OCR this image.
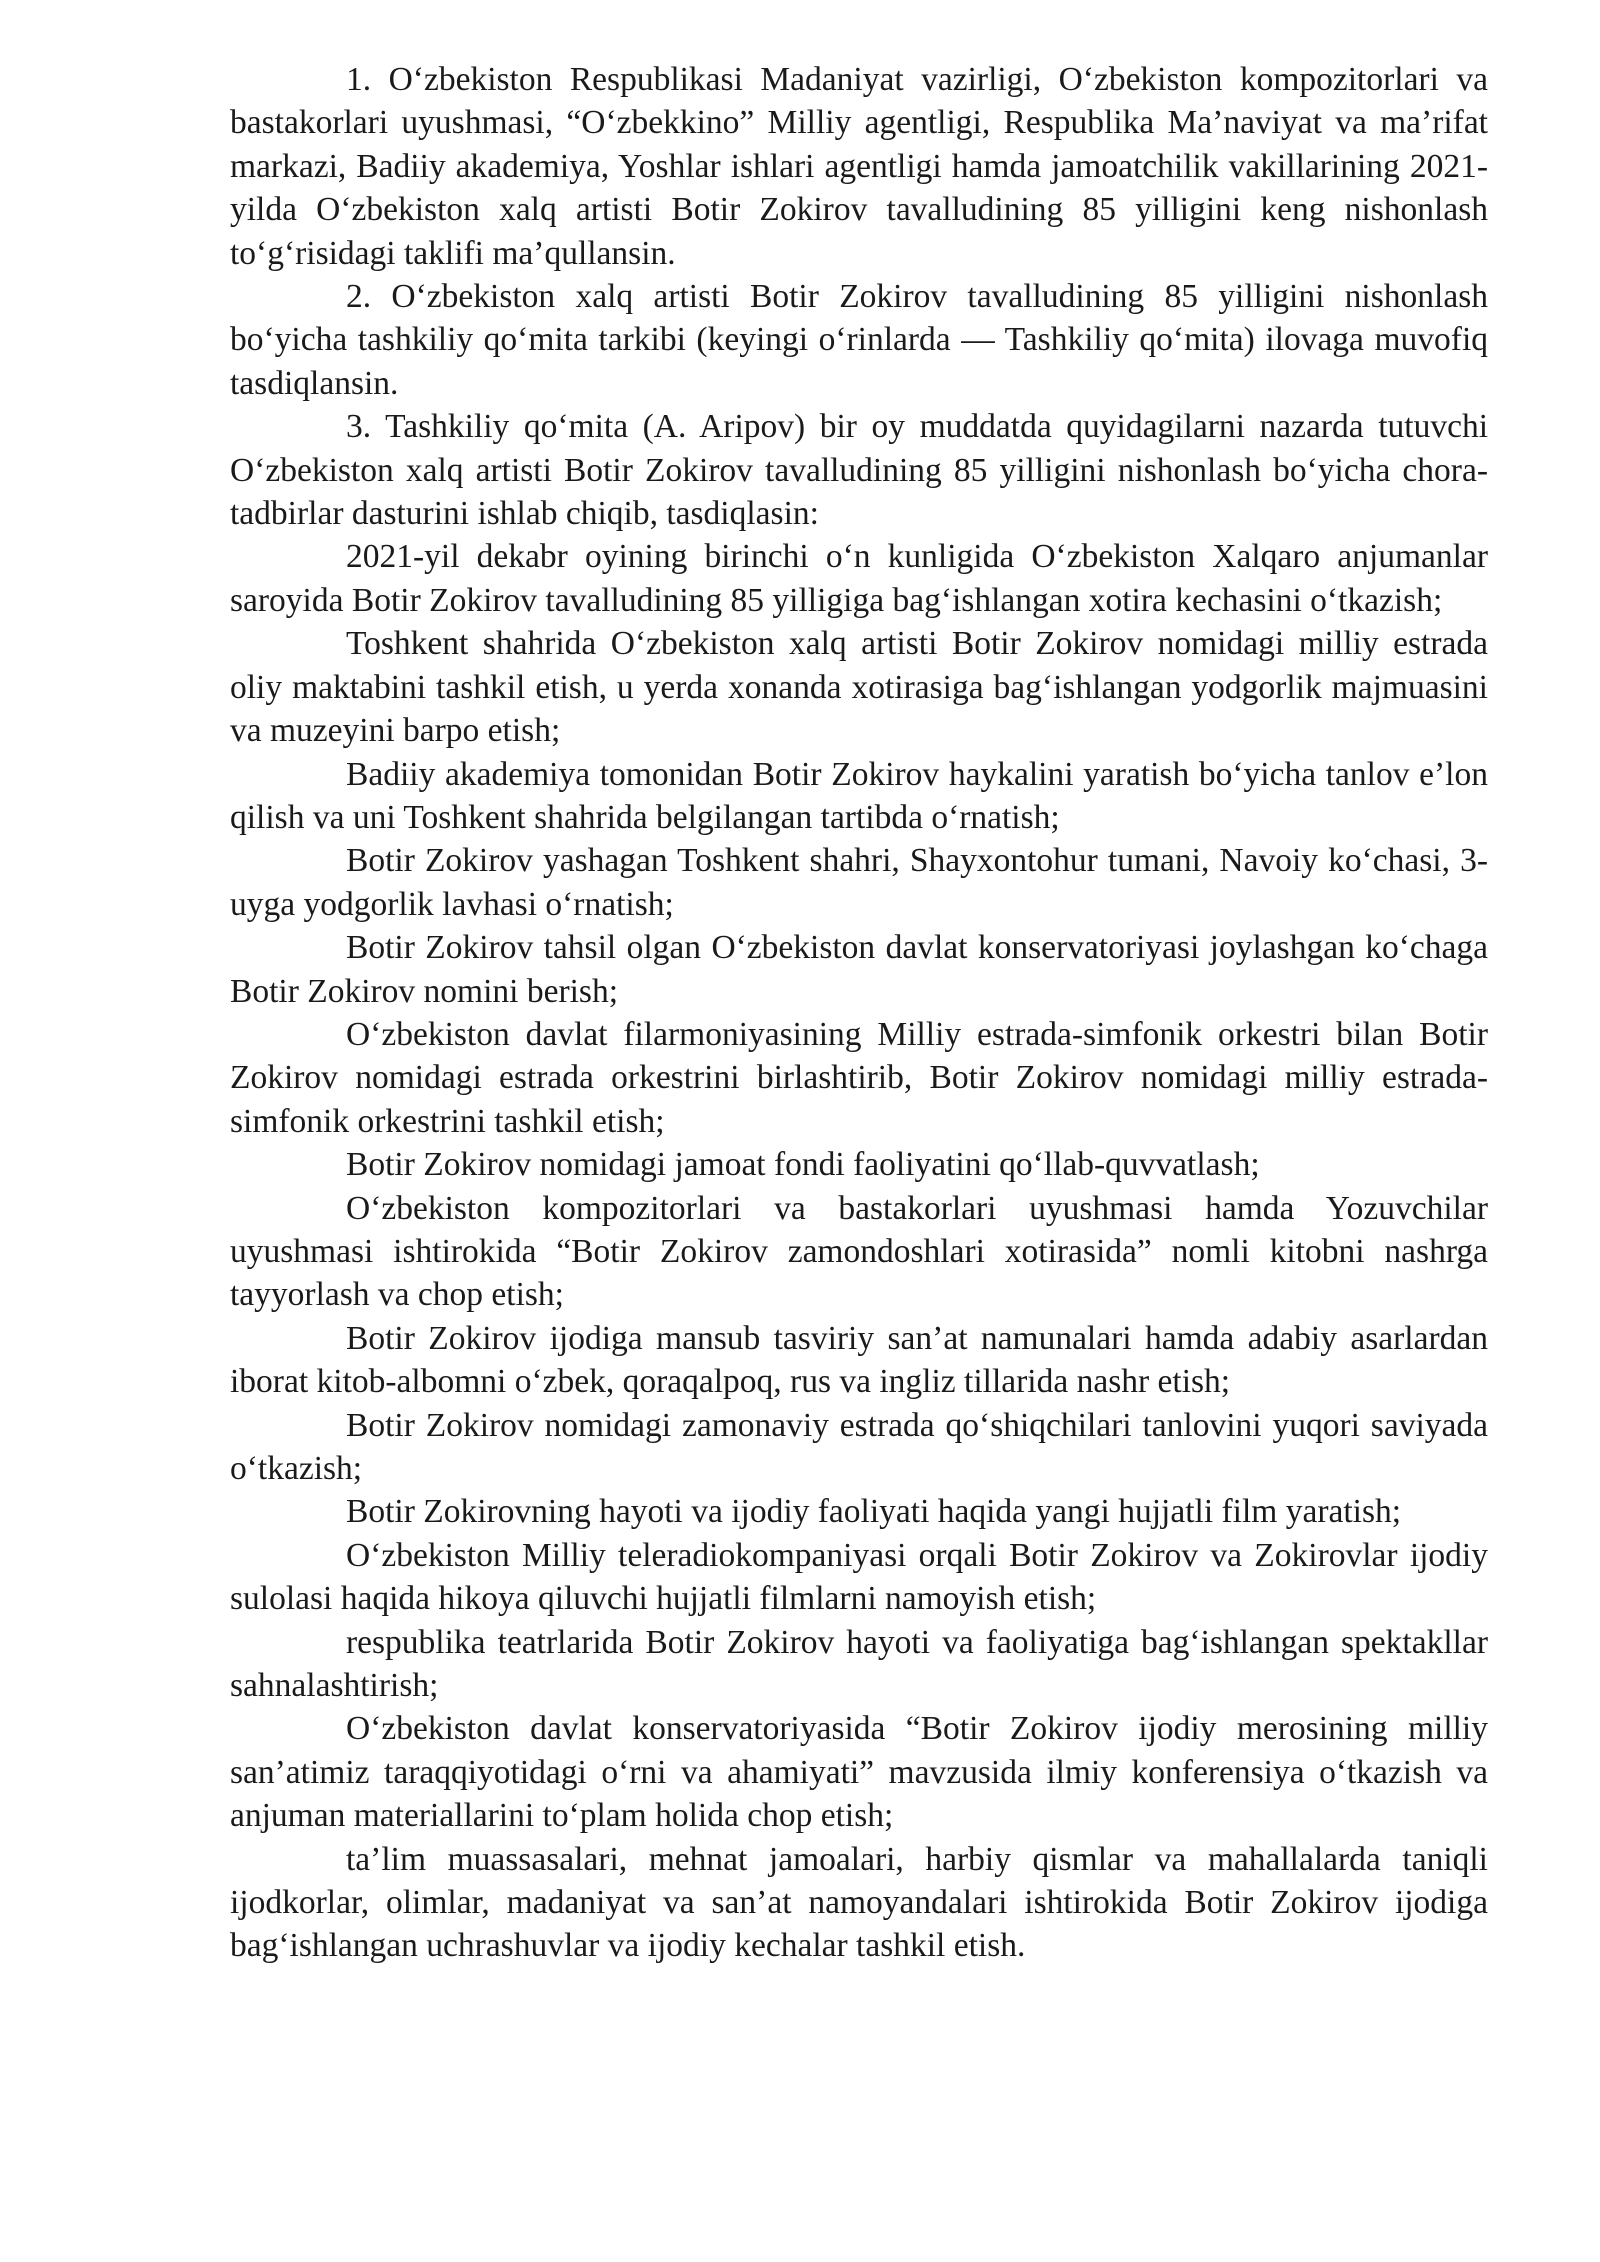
1. O‘zbekiston Respublikasi Madaniyat vazirligi, O‘zbekiston kompozitorlari va bastakorlari uyushmasi, “O‘zbekkino” Milliy agentligi, Respublika Ma’naviyat va ma’rifat markazi, Badiiy akademiya, Yoshlar ishlari agentligi hamda jamoatchilik vakillarining 2021-yilda O‘zbekiston xalq artisti Botir Zokirov tavalludining 85 yilligini keng nishonlash to‘g‘risidagi taklifi ma’qullansin.

2. O‘zbekiston xalq artisti Botir Zokirov tavalludining 85 yilligini nishonlash bo‘yicha tashkiliy qo‘mita tarkibi (keyingi o‘rinlarda — Tashkiliy qo‘mita) ilovaga muvofiq tasdiqlansin.

3. Tashkiliy qo‘mita (A. Aripov) bir oy muddatda quyidagilarni nazarda tutuvchi O‘zbekiston xalq artisti Botir Zokirov tavalludining 85 yilligini nishonlash bo‘yicha chora-tadbirlar dasturini ishlab chiqib, tasdiqlasin:

2021-yil dekabr oyining birinchi o‘n kunligida O‘zbekiston Xalqaro anjumanlar saroyida Botir Zokirov tavalludining 85 yilligiga bag‘ishlangan xotira kechasini o‘tkazish;

Toshkent shahrida O‘zbekiston xalq artisti Botir Zokirov nomidagi milliy estrada oliy maktabini tashkil etish, u yerda xonanda xotirasiga bag‘ishlangan yodgorlik majmuasini va muzeyini barpo etish;

Badiiy akademiya tomonidan Botir Zokirov haykalini yaratish bo‘yicha tanlov e’lon qilish va uni Toshkent shahrida belgilangan tartibda o‘rnatish;

Botir Zokirov yashagan Toshkent shahri, Shayxontohur tumani, Navoiy ko‘chasi, 3-uyga yodgorlik lavhasi o‘rnatish;

Botir Zokirov tahsil olgan O‘zbekiston davlat konservatoriyasi joylashgan ko‘chaga Botir Zokirov nomini berish;

O‘zbekiston davlat filarmoniyasining Milliy estrada-simfonik orkestri bilan Botir Zokirov nomidagi estrada orkestrini birlashtirib, Botir Zokirov nomidagi milliy estrada-simfonik orkestrini tashkil etish;

Botir Zokirov nomidagi jamoat fondi faoliyatini qo‘llab-quvvatlash;

O‘zbekiston kompozitorlari va bastakorlari uyushmasi hamda Yozuvchilar uyushmasi ishtirokida “Botir Zokirov zamondoshlari xotirasida” nomli kitobni nashrga tayyorlash va chop etish;

Botir Zokirov ijodiga mansub tasviriy san’at namunalari hamda adabiy asarlardan iborat kitob-albomni o‘zbek, qoraqalpoq, rus va ingliz tillarida nashr etish;

Botir Zokirov nomidagi zamonaviy estrada qo‘shiqchilari tanlovini yuqori saviyada o‘tkazish;

Botir Zokirovning hayoti va ijodiy faoliyati haqida yangi hujjatli film yaratish;

O‘zbekiston Milliy teleradiokompaniyasi orqali Botir Zokirov va Zokirovlar ijodiy sulolasi haqida hikoya qiluvchi hujjatli filmlarni namoyish etish;

respublika teatrlarida Botir Zokirov hayoti va faoliyatiga bag‘ishlangan spektakllar sahnalashtirish;

O‘zbekiston davlat konservatoriyasida “Botir Zokirov ijodiy merosining milliy san’atimiz taraqqiyotidagi o‘rni va ahamiyati” mavzusida ilmiy konferensiya o‘tkazish va anjuman materiallarini to‘plam holida chop etish;

ta’lim muassasalari, mehnat jamoalari, harbiy qismlar va mahallalarda taniqli ijodkorlar, olimlar, madaniyat va san’at namoyandalari ishtirokida Botir Zokirov ijodiga bag‘ishlangan uchrashuvlar va ijodiy kechalar tashkil etish.
